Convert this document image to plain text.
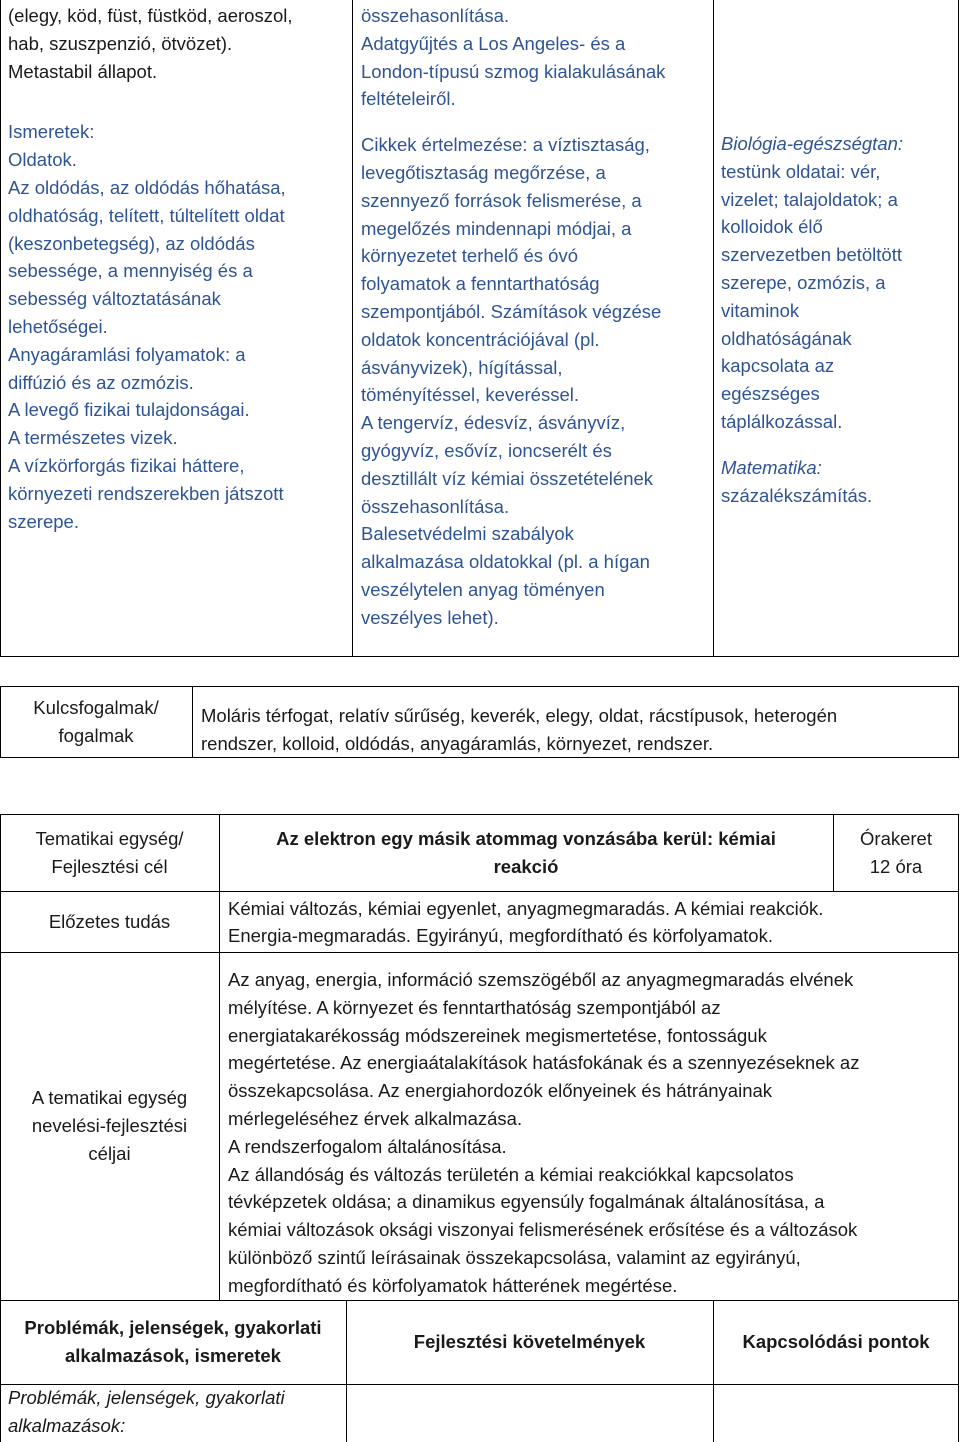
(elegy, köd, füst, füstköd, aeroszol,
hab, szuszpenzió, ötvözet).
Metastabil állapot.
Ismeretek:
Oldatok.
Az oldódás, az oldódás hőhatása,
oldhatóság, telített, túltelített oldat
(keszonbetegség), az oldódás
sebessége, a mennyiség és a
sebesség változtatásának
lehetőségei.
Anyagáramlási folyamatok: a
diffúzió és az ozmózis.
A levegő fizikai tulajdonságai.
A természetes vizek.
A vízkörforgás fizikai háttere,
környezeti rendszerekben játszott
szerepe.
összehasonlítása.
Adatgyűjtés a Los Angeles- és a
London-típusú szmog kialakulásának
feltételeiről.
Cikkek értelmezése: a víztisztaság,
levegőtisztaság megőrzése, a
szennyező források felismerése, a
megelőzés mindennapi módjai, a
környezetet terhelő és óvó
folyamatok a fenntarthatóság
szempontjából. Számítások végzése
oldatok koncentrációjával (pl.
ásványvizek), hígítással,
töményítéssel, keveréssel.
A tengervíz, édesvíz, ásványvíz,
gyógyvíz, esővíz, ioncserélt és
desztillált víz kémiai összetételének
összehasonlítása.
Balesetvédelmi szabályok
alkalmazása oldatokkal (pl. a hígan
veszélytelen anyag töményen
veszélyes lehet).
Biológia-egészségtan:
testünk oldatai: vér,
vizelet; talajoldatok; a
kolloidok élő
szervezetben betöltött
szerepe, ozmózis, a
vitaminok
oldhatóságának
kapcsolata az
egészséges
táplálkozással.
Matematika:
százalékszámítás.
Kulcsfogalmak/
fogalmak
Moláris térfogat, relatív sűrűség, keverék, elegy, oldat, rácstípusok, heterogén
rendszer, kolloid, oldódás, anyagáramlás, környezet, rendszer.
Tematikai egység/
Fejlesztési cél
Az elektron egy másik atommag vonzásába kerül: kémiai
reakció
Órakeret
12 óra
Előzetes tudás
Kémiai változás, kémiai egyenlet, anyagmegmaradás. A kémiai reakciók.
Energia-megmaradás. Egyirányú, megfordítható és körfolyamatok.
A tematikai egység
nevelési-fejlesztési
céljai
Az anyag, energia, információ szemszögéből az anyagmegmaradás elvének
mélyítése. A környezet és fenntarthatóság szempontjából az
energiatakarékosság módszereinek megismertetése, fontosságuk
megértetése. Az energiaátalakítások hatásfokának és a szennyezéseknek az
összekapcsolása. Az energiahordozók előnyeinek és hátrányainak
mérlegeléséhez érvek alkalmazása.
A rendszerfogalom általánosítása.
Az állandóság és változás területén a kémiai reakciókkal kapcsolatos
tévképzetek oldása; a dinamikus egyensúly fogalmának általánosítása, a
kémiai változások oksági viszonyai felismerésének erősítése és a változások
különböző szintű leírásainak összekapcsolása, valamint az egyirányú,
megfordítható és körfolyamatok hátterének megértése.
Problémák, jelenségek, gyakorlati
alkalmazások, ismeretek
Fejlesztési követelmények	Kapcsolódási pontok
Problémák, jelenségek, gyakorlati
alkalmazások:
